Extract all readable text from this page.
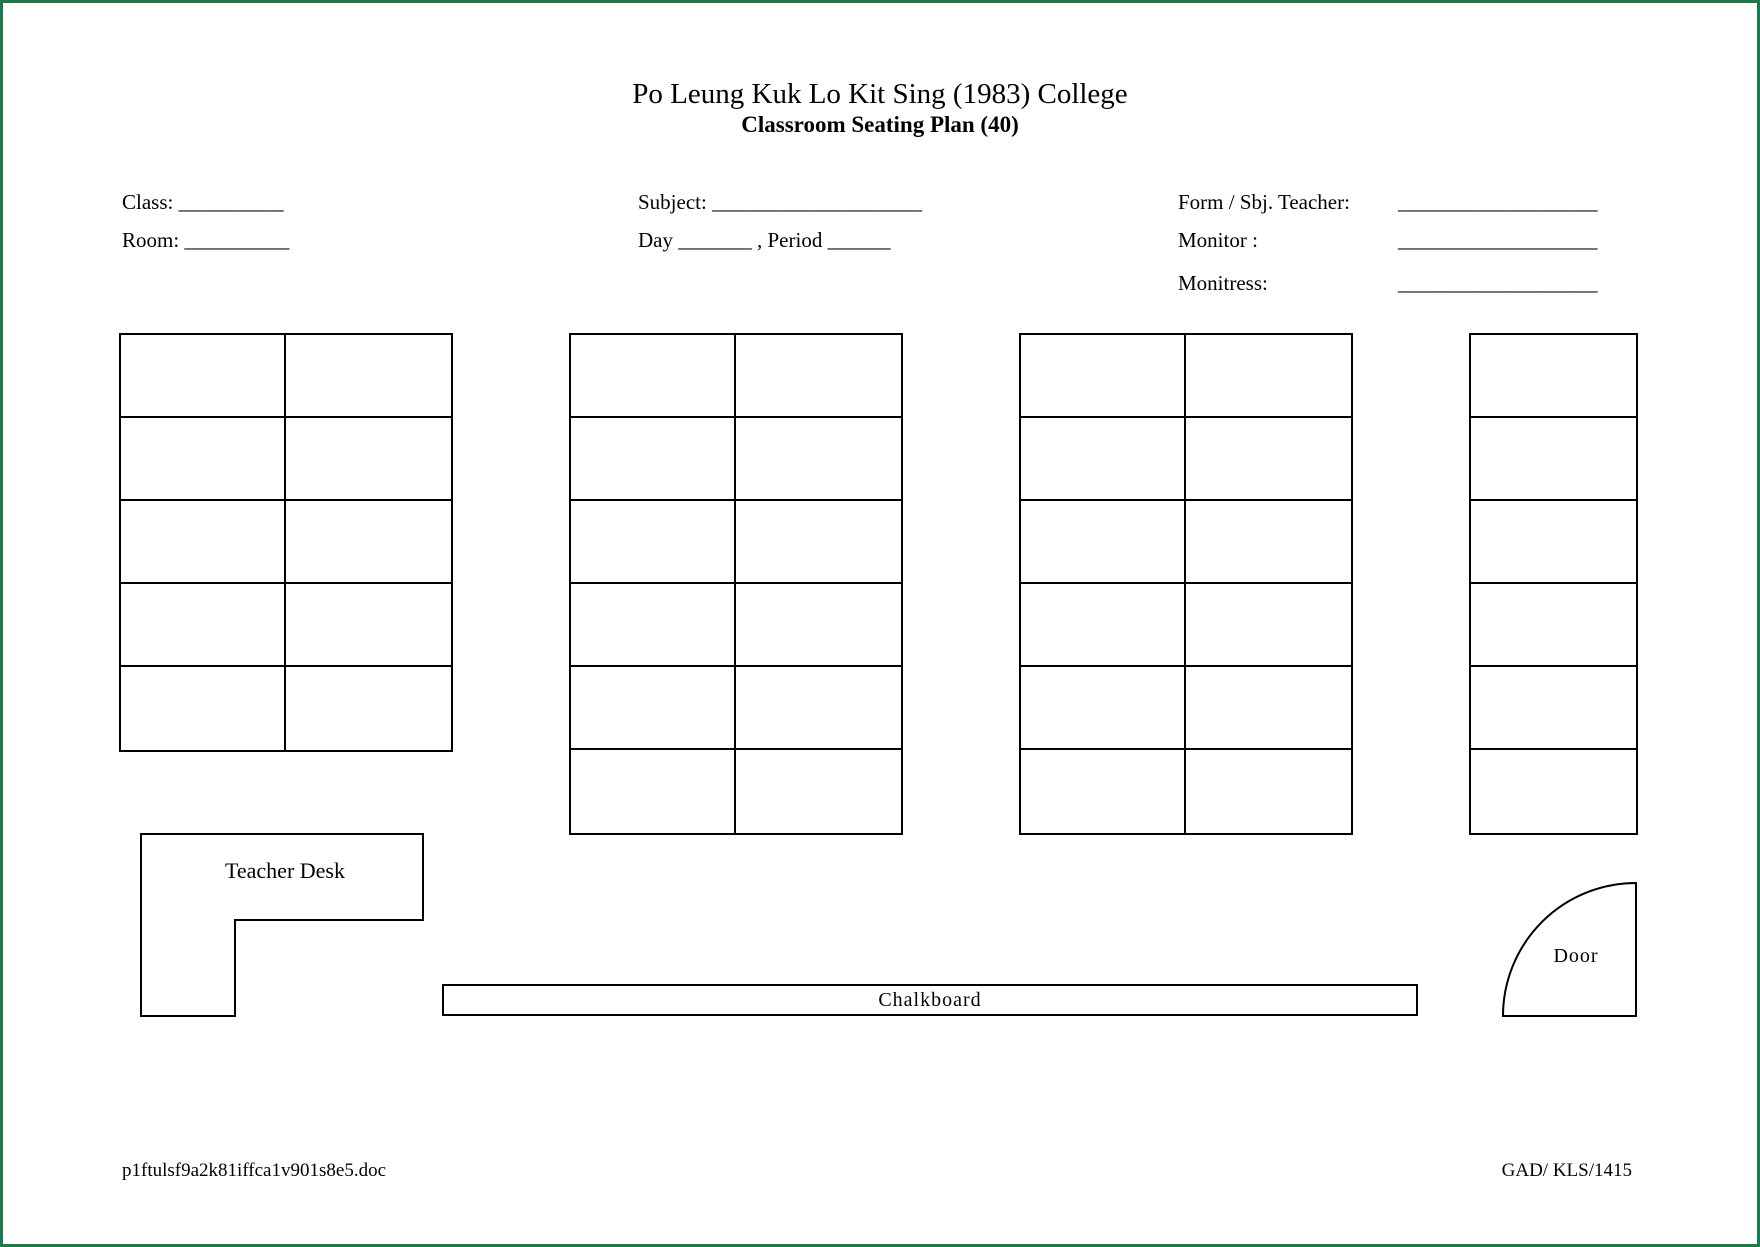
Po Leung Kuk Lo Kit Sing (1983) College
Classroom Seating Plan (40)
Class: __________
Room: __________
Subject: ____________________
Day _______ , Period ______
Form / Sbj. Teacher: ___________________
Monitor :	___________________
Monitress:	___________________
Teacher Desk
Chalkboard
Door
p1ftulsf9a2k81iffca1v901s8e5.doc	GAD/ KLS/1415
